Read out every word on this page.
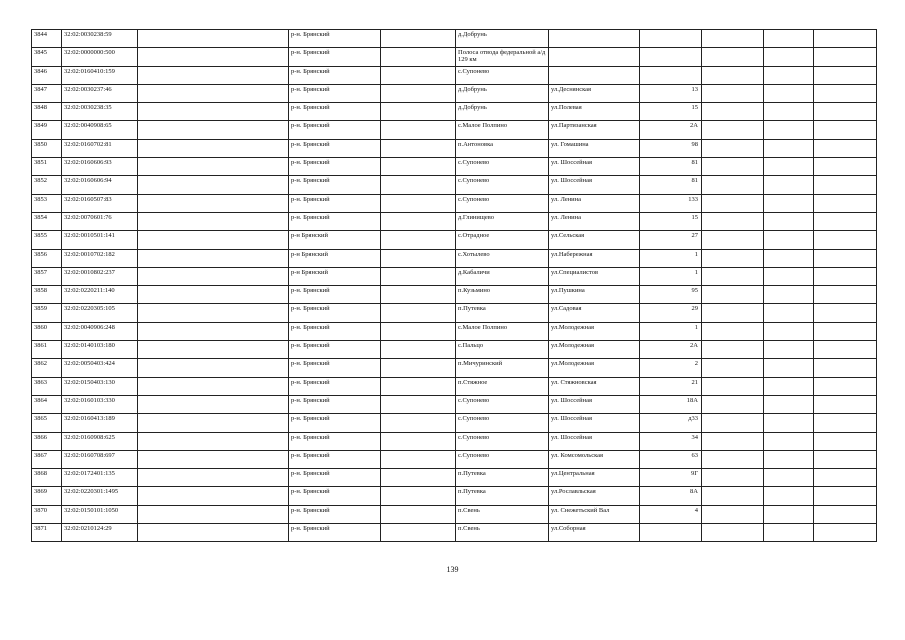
3844	32:02:0030238:59		р-н. Брянский		д.Добрунь					
3845	32:02:0000000:500		р-н. Брянский		Полоса отвода федеральной а/д 129 км					
3846	32:02:0160410:159		р-н. Брянский		с.Супонево					
3847	32:02:0030237:46		р-н. Брянский		д.Добрунь	ул.Деснянская	13			
3848	32:02:0030238:35		р-н. Брянский		д.Добрунь	ул.Полевая	15			
3849	32:02:0040908:65		р-н. Брянский		с.Малое Полпино	ул.Партизанская	2А			
3850	32:02:0160702:81		р-н. Брянский		п.Антоновка	ул. Гомашина	98			
3851	32:02:0160606:93		р-н. Брянский		с.Супонево	ул. Шоссейная	81			
3852	32:02:0160606:94		р-н. Брянский		с.Супонево	ул. Шоссейная	81			
3853	32:02:0160507:83		р-н. Брянский		с.Супонево	ул. Ленина	133			
3854	32:02:0070601:76		р-н. Брянский		д.Глинищево	ул. Ленина	15			
3855	32:02:0010501:141		р-н Брянский		с.Отрадное	ул.Сельская	27			
3856	32:02:0010702:182		р-н Брянский		с.Хотылево	ул.Набережная	1			
3857	32:02:0010802:237		р-н Брянский		д.Кабаличи	ул.Специалистов	1			
3858	32:02:0220211:140		р-н. Брянский		п.Кузьмино	ул.Пушкина	95			
3859	32:02:0220305:105		р-н. Брянский		п.Путевка	ул.Садовая	29			
3860	32:02:0040906:248		р-н. Брянский		с.Малое Полпино	ул.Молодежная	1			
3861	32:02:0140103:180		р-н. Брянский		с.Пальцо	ул.Молодежная	2А			
3862	32:02:0050403:424		р-н. Брянский		п.Мичуринский	ул.Молодежная	2			
3863	32:02:0150403:130		р-н. Брянский		п.Стяжное	ул. Стяжновская	21			
3864	32:02:0160103:330		р-н. Брянский		с.Супонево	ул. Шоссейная	18А			
3865	32:02:0160413:189		р-н. Брянский		с.Супонево	ул. Шоссейная	д33			
3866	32:02:0160908:625		р-н. Брянский		с.Супонево	ул. Шоссейная	34			
3867	32:02:0160708:697		р-н. Брянский		с.Супонево	ул. Комсомольская	63			
3868	32:02:0172401:135		р-н. Брянский		п.Путевка	ул.Центральная	9Г			
3869	32:02:0220301:1495		р-н. Брянский		п.Путевка	ул.Рославльская	8А			
3870	32:02:0150101:1050		р-н. Брянский		п.Свень	ул. Снежетьский Вал	4			
3871	32:02:0210124:29		р-н. Брянский		п.Свень	ул.Соборная				
139
